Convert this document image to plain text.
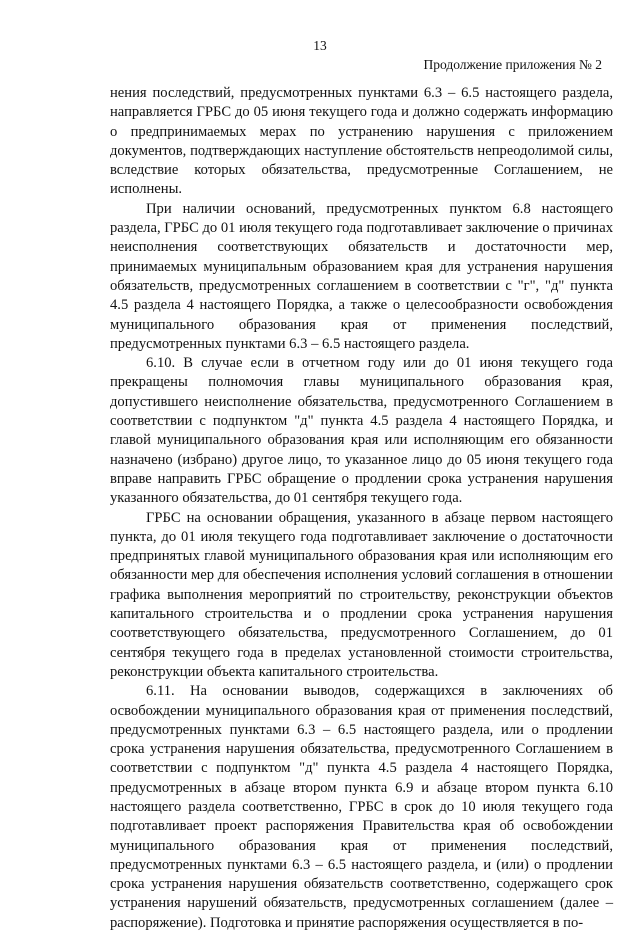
13
Продолжение приложения № 2

нения последствий, предусмотренных пунктами 6.3 – 6.5 настоящего раздела, направляется ГРБС до 05 июня текущего года и должно содержать информацию о предпринимаемых мерах по устранению нарушения с приложением документов, подтверждающих наступление обстоятельств непреодолимой силы, вследствие которых обязательства, предусмотренные Соглашением, не исполнены.

При наличии оснований, предусмотренных пунктом 6.8 настоящего раздела, ГРБС до 01 июля текущего года подготавливает заключение о причинах неисполнения соответствующих обязательств и достаточности мер, принимаемых муниципальным образованием края для устранения нарушения обязательств, предусмотренных соглашением в соответствии с "г", "д" пункта 4.5 раздела 4 настоящего Порядка, а также о целесообразности освобождения муниципального образования края от применения последствий, предусмотренных пунктами 6.3 – 6.5 настоящего раздела.

6.10. В случае если в отчетном году или до 01 июня текущего года прекращены полномочия главы муниципального образования края, допустившего неисполнение обязательства, предусмотренного Соглашением в соответствии с подпунктом "д" пункта 4.5 раздела 4 настоящего Порядка, и главой муниципального образования края или исполняющим его обязанности назначено (избрано) другое лицо, то указанное лицо до 05 июня текущего года вправе направить ГРБС обращение о продлении срока устранения нарушения указанного обязательства, до 01 сентября текущего года.

ГРБС на основании обращения, указанного в абзаце первом настоящего пункта, до 01 июля текущего года подготавливает заключение о достаточности предпринятых главой муниципального образования края или исполняющим его обязанности мер для обеспечения исполнения условий соглашения в отношении графика выполнения мероприятий по строительству, реконструкции объектов капитального строительства и о продлении срока устранения нарушения соответствующего обязательства, предусмотренного Соглашением, до 01 сентября текущего года в пределах установленной стоимости строительства, реконструкции объекта капитального строительства.

6.11. На основании выводов, содержащихся в заключениях об освобождении муниципального образования края от применения последствий, предусмотренных пунктами 6.3 – 6.5 настоящего раздела, или о продлении срока устранения нарушения обязательства, предусмотренного Соглашением в соответствии с подпунктом "д" пункта 4.5 раздела 4 настоящего Порядка, предусмотренных в абзаце втором пункта 6.9 и абзаце втором пункта 6.10 настоящего раздела соответственно, ГРБС в срок до 10 июля текущего года подготавливает проект распоряжения Правительства края об освобождении муниципального образования края от применения последствий, предусмотренных пунктами 6.3 – 6.5 настоящего раздела, и (или) о продлении срока устранения нарушения обязательств соответственно, содержащего срок устранения нарушений обязательств, предусмотренных соглашением (далее – распоряжение). Подготовка и принятие распоряжения осуществляется в по-
